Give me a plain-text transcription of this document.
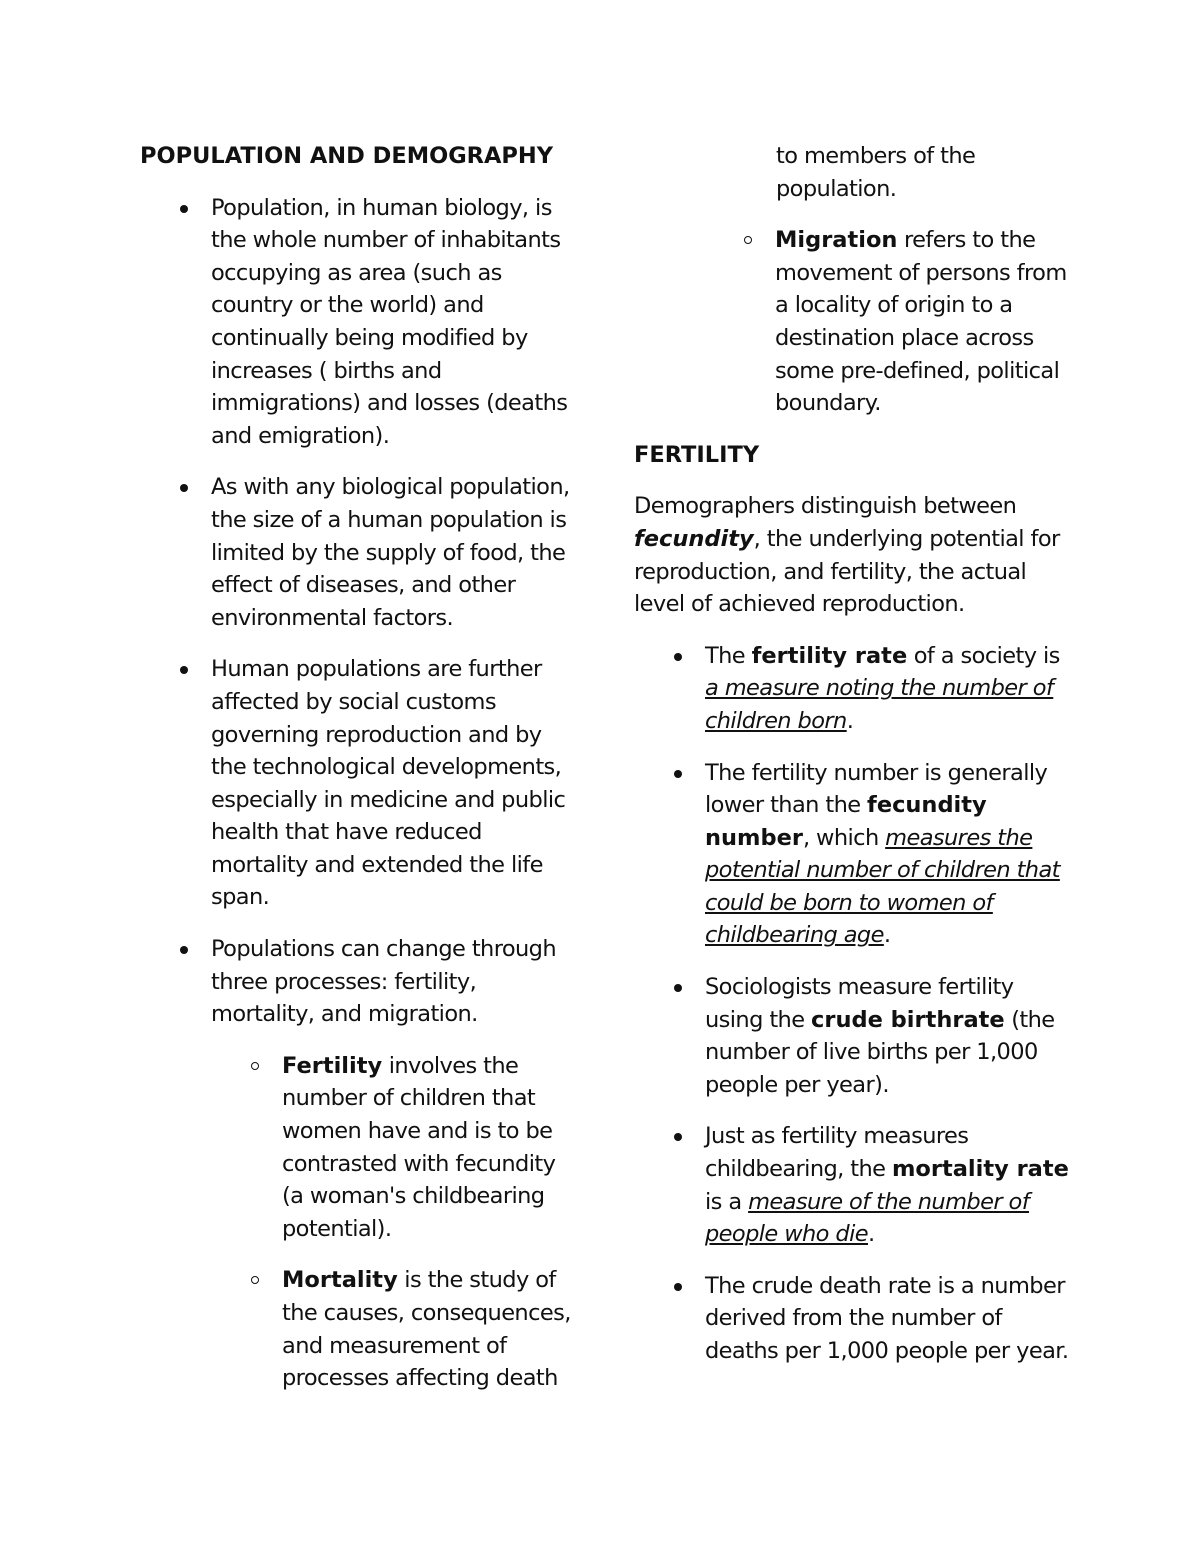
POPULATION AND DEMOGRAPHY
Population, in human biology, is the whole number of inhabitants occupying as area (such as country or the world) and continually being modified by increases ( births and immigrations) and losses (deaths and emigration).
As with any biological population, the size of a human population is limited by the supply of food, the effect of diseases, and other environmental factors.
Human populations are further affected by social customs governing reproduction and by the technological developments, especially in medicine and public health that have reduced mortality and extended the life span.
Populations can change through three processes: fertility, mortality, and migration.
Fertility involves the number of children that women have and is to be contrasted with fecundity (a woman's childbearing potential).
Mortality is the study of the causes, consequences, and measurement of processes affecting death
to members of the population.
Migration refers to the movement of persons from a locality of origin to a destination place across some pre-defined, political boundary.
FERTILITY
Demographers distinguish between fecundity, the underlying potential for reproduction, and fertility, the actual level of achieved reproduction.
The fertility rate of a society is a measure noting the number of children born.
The fertility number is generally lower than the fecundity number, which measures the potential number of children that could be born to women of childbearing age.
Sociologists measure fertility using the crude birthrate (the number of live births per 1,000 people per year).
Just as fertility measures childbearing, the mortality rate is a measure of the number of people who die.
The crude death rate is a number derived from the number of deaths per 1,000 people per year.
